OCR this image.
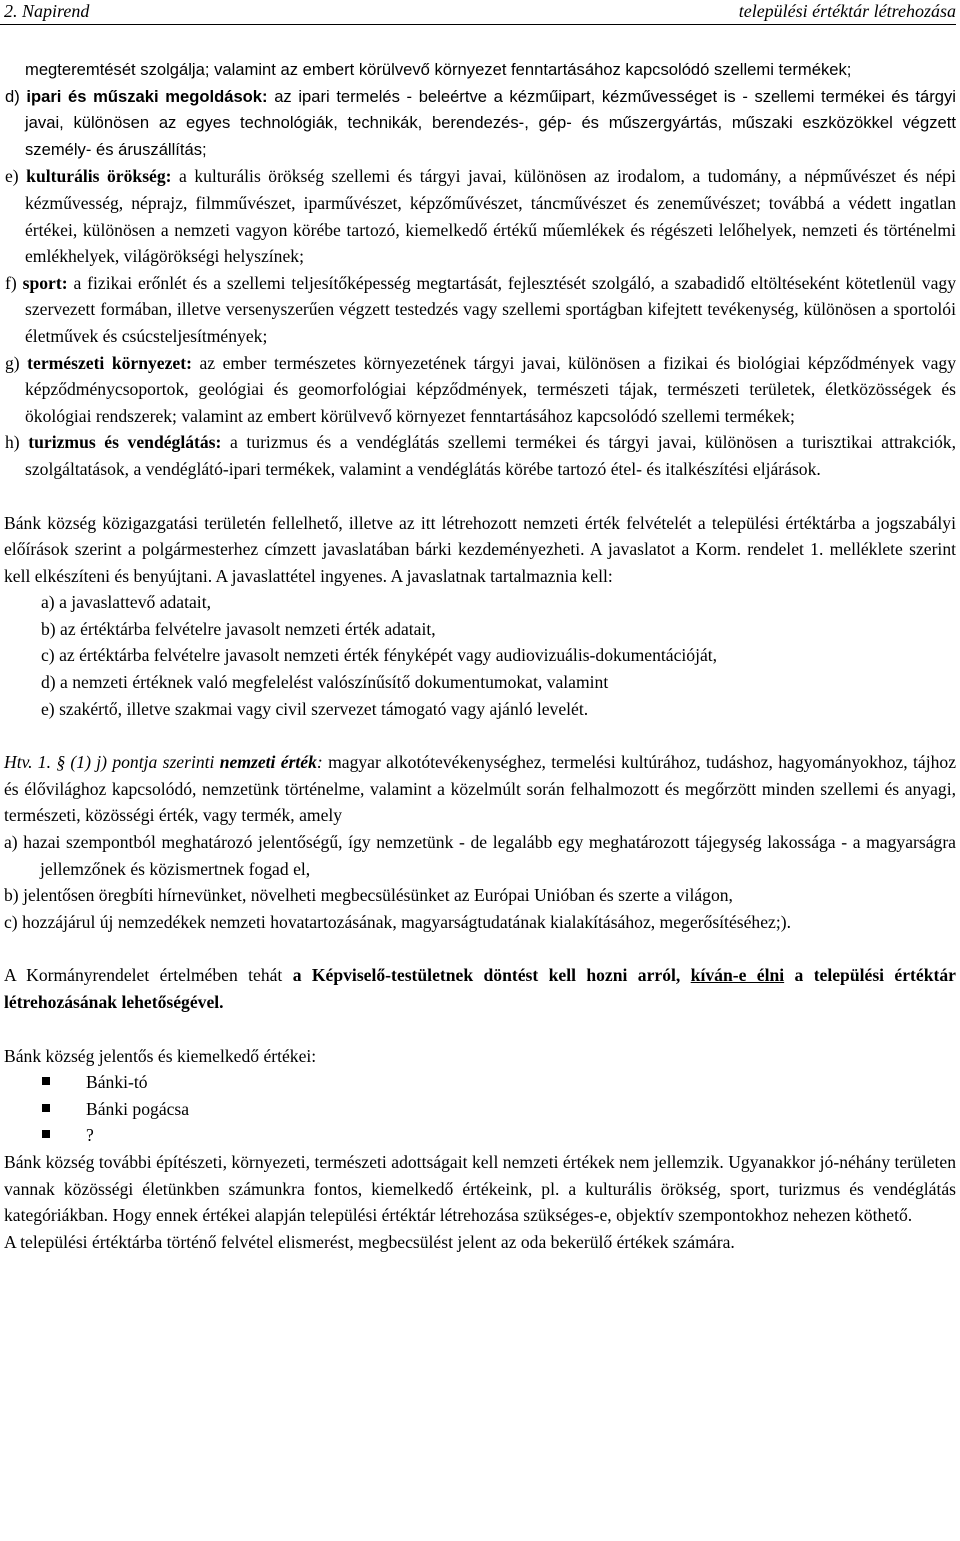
2. Napirend	települési értéktár létrehozása

megteremtését szolgálja; valamint az embert körülvevő környezet fenntartásához kapcsolódó szellemi termékek;

d) ipari és műszaki megoldások: az ipari termelés - beleértve a kézműipart, kézművességet is - szellemi termékei és tárgyi javai, különösen az egyes technológiák, technikák, berendezés-, gép- és műszergyártás, műszaki eszközökkel végzett személy- és áruszállítás;

e) kulturális örökség: a kulturális örökség szellemi és tárgyi javai, különösen az irodalom, a tudomány, a népművészet és népi kézművesség, néprajz, filmművészet, iparművészet, képzőművészet, táncművészet és zeneművészet; továbbá a védett ingatlan értékei, különösen a nemzeti vagyon körébe tartozó, kiemelkedő értékű műemlékek és régészeti lelőhelyek, nemzeti és történelmi emlékhelyek, világörökségi helyszínek;

f) sport: a fizikai erőnlét és a szellemi teljesítőképesség megtartását, fejlesztését szolgáló, a szabadidő eltöltéseként kötetlenül vagy szervezett formában, illetve versenyszerűen végzett testedzés vagy szellemi sportágban kifejtett tevékenység, különösen a sportolói életművek és csúcsteljesítmények;

g) természeti környezet: az ember természetes környezetének tárgyi javai, különösen a fizikai és biológiai képződmények vagy képződménycsoportok, geológiai és geomorfológiai képződmények, természeti tájak, természeti területek, életközösségek és ökológiai rendszerek; valamint az embert körülvevő környezet fenntartásához kapcsolódó szellemi termékek;

h) turizmus és vendéglátás: a turizmus és a vendéglátás szellemi termékei és tárgyi javai, különösen a turisztikai attrakciók, szolgáltatások, a vendéglátó-ipari termékek, valamint a vendéglátás körébe tartozó étel- és italkészítési eljárások.

Bánk község közigazgatási területén fellelhető, illetve az itt létrehozott nemzeti érték felvételét a települési értéktárba a jogszabályi előírások szerint a polgármesterhez címzett javaslatában bárki kezdeményezheti. A javaslatot a Korm. rendelet 1. melléklete szerint kell elkészíteni és benyújtani. A javaslattétel ingyenes. A javaslatnak tartalmaznia kell:

a) a javaslattevő adatait,
b) az értéktárba felvételre javasolt nemzeti érték adatait,
c) az értéktárba felvételre javasolt nemzeti érték fényképét vagy audiovizuális-dokumentációját,
d) a nemzeti értéknek való megfelelést valószínűsítő dokumentumokat, valamint
e) szakértő, illetve szakmai vagy civil szervezet támogató vagy ajánló levelét.

Htv. 1. § (1) j) pontja szerinti nemzeti érték: magyar alkotótevékenységhez, termelési kultúrához, tudáshoz, hagyományokhoz, tájhoz és élővilághoz kapcsolódó, nemzetünk történelme, valamint a közelmúlt során felhalmozott és megőrzött minden szellemi és anyagi, természeti, közösségi érték, vagy termék, amely

a) hazai szempontból meghatározó jelentőségű, így nemzetünk - de legalább egy meghatározott tájegység lakossága - a magyarságra jellemzőnek és közismertnek fogad el,

b) jelentősen öregbíti hírnevünket, növelheti megbecsülésünket az Európai Unióban és szerte a világon,

c) hozzájárul új nemzedékek nemzeti hovatartozásának, magyarságtudatának kialakításához, megerősítéséhez;).

A Kormányrendelet értelmében tehát a Képviselő-testületnek döntést kell hozni arról, kíván-e élni a települési értéktár létrehozásának lehetőségével.

Bánk község jelentős és kiemelkedő értékei:

Bánki-tó
Bánki pogácsa
?

Bánk község további építészeti, környezeti, természeti adottságait kell nemzeti értékek nem jellemzik. Ugyanakkor jó-néhány területen vannak közösségi életünkben számunkra fontos, kiemelkedő értékeink, pl. a kulturális örökség, sport, turizmus és vendéglátás kategóriákban. Hogy ennek értékei alapján települési értéktár létrehozása szükséges-e, objektív szempontokhoz nehezen köthető.

A települési értéktárba történő felvétel elismerést, megbecsülést jelent az oda bekerülő értékek számára.
